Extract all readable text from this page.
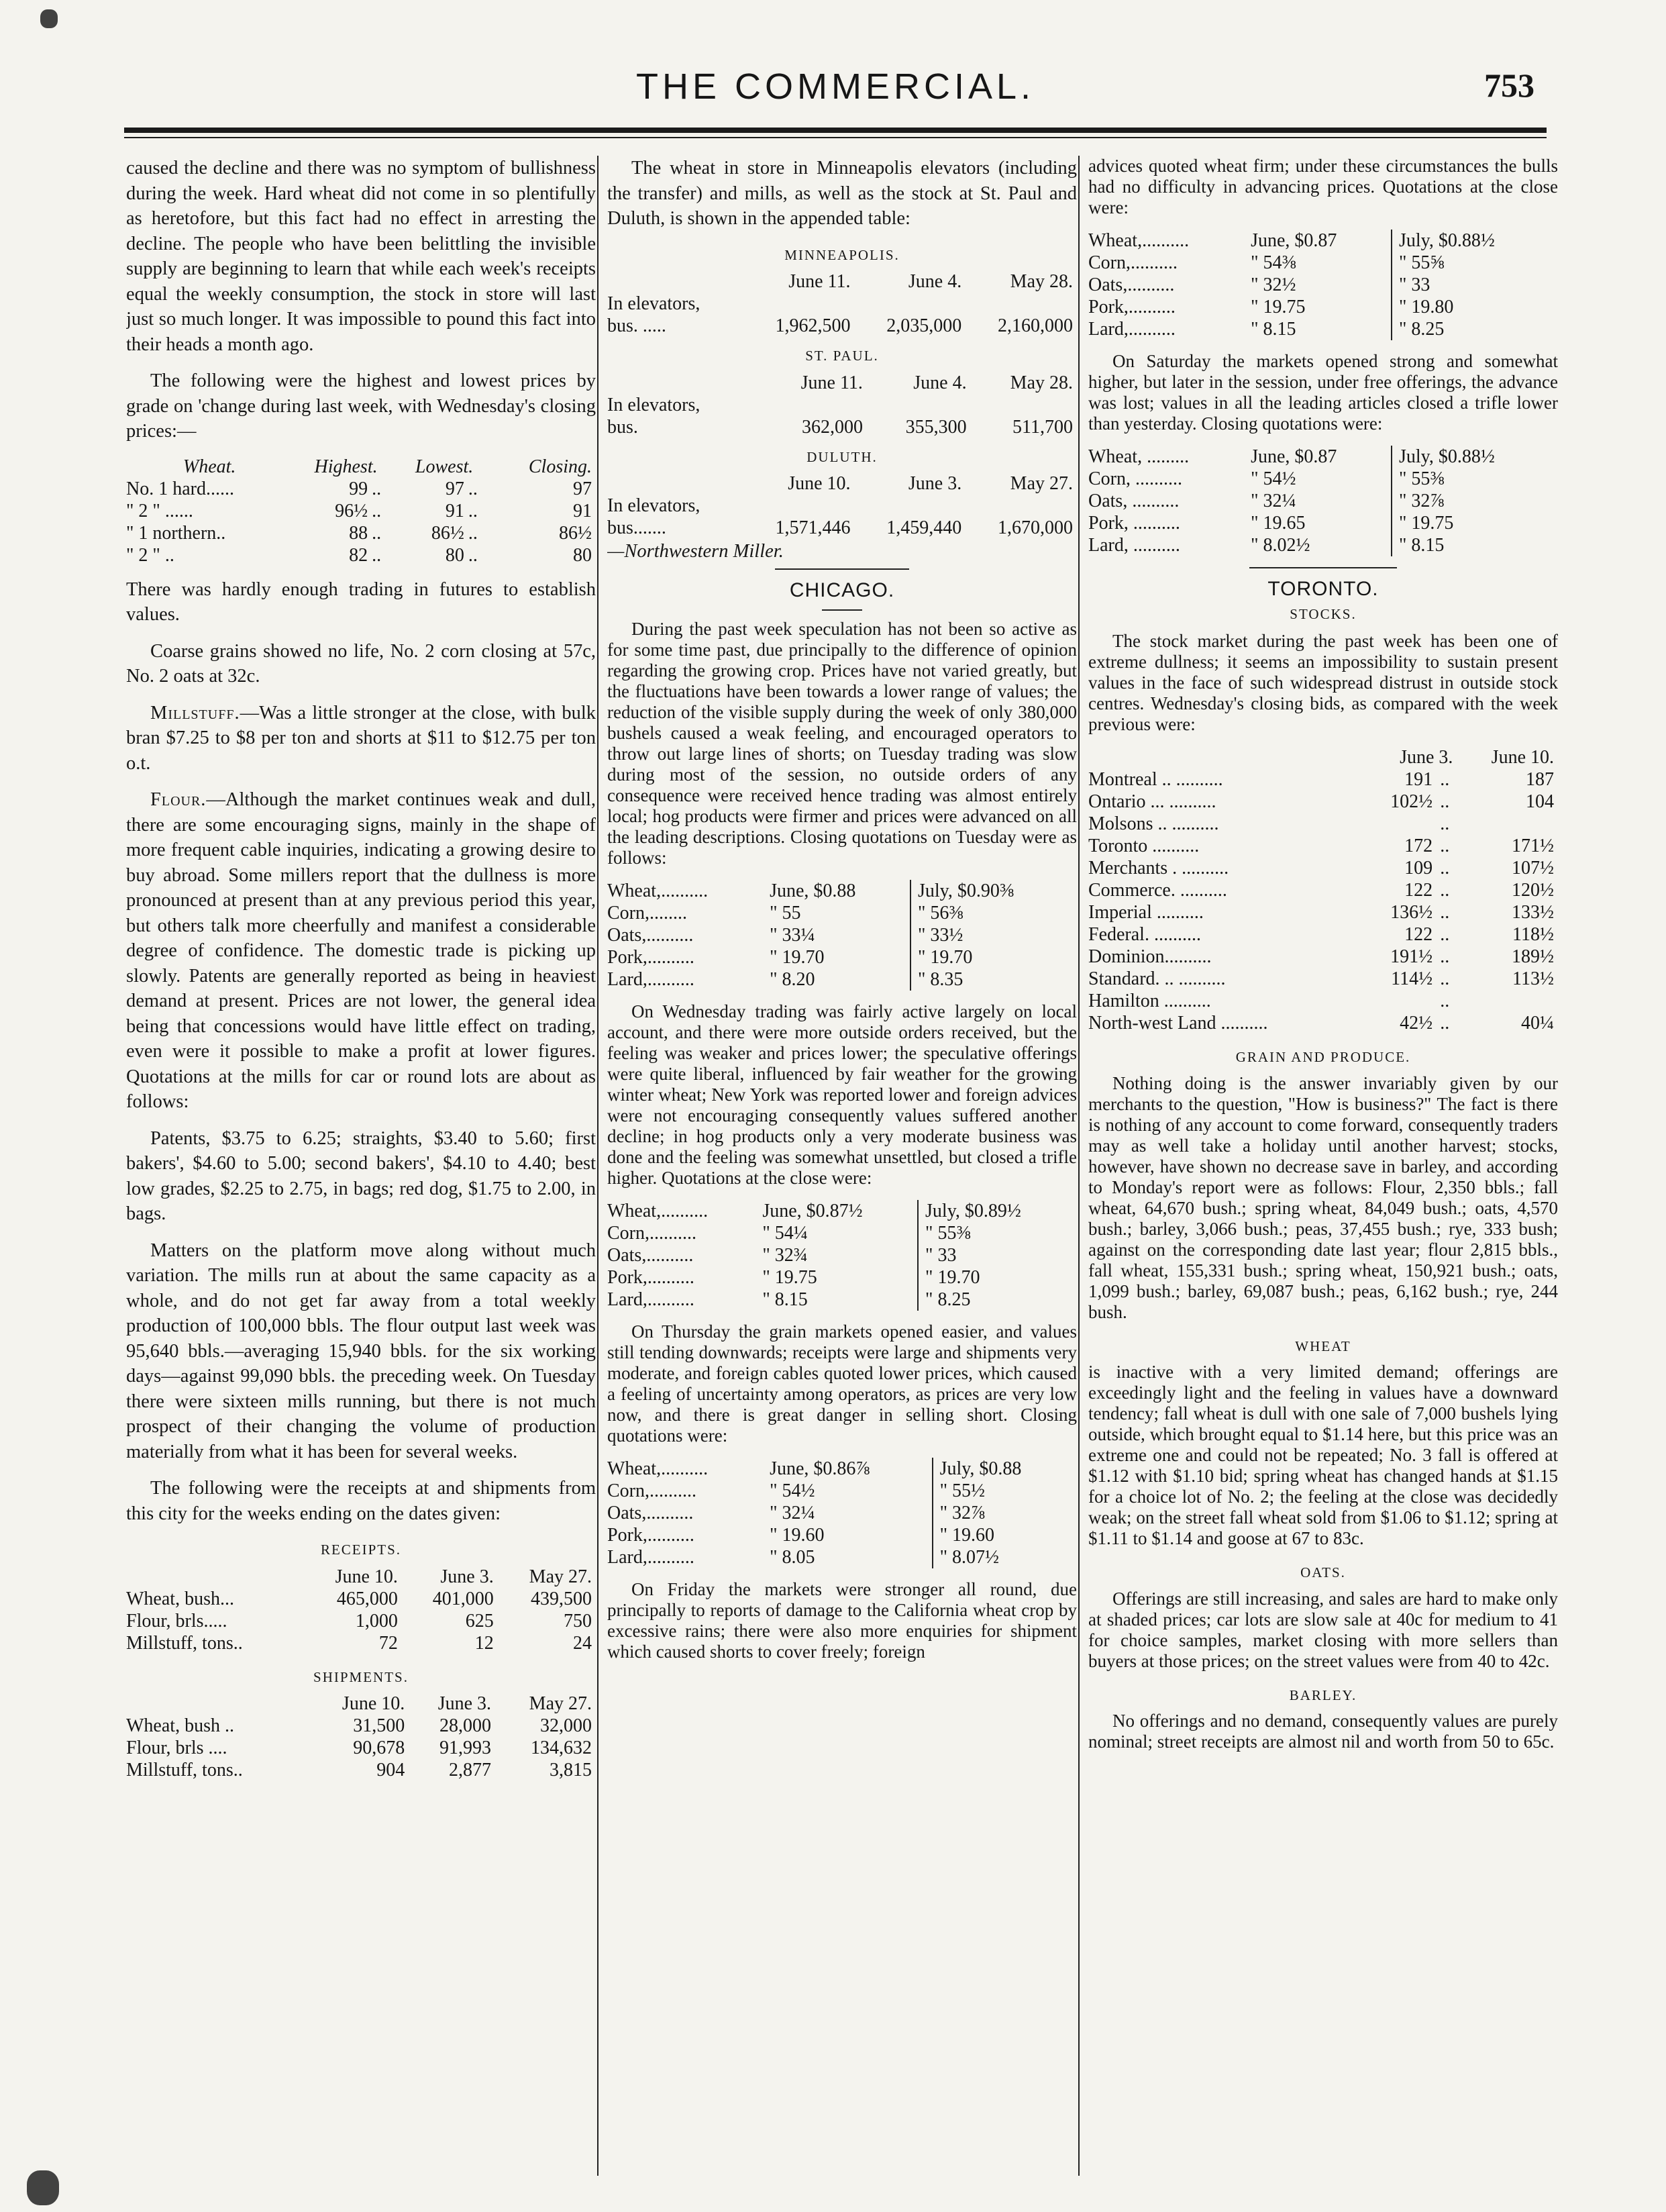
THE COMMERCIAL.	753

caused the decline and there was no symptom of bullishness during the week. Hard wheat did not come in so plentifully as heretofore, but this fact had no effect in arresting the decline. The people who have been belittling the invisible supply are beginning to learn that while each week's receipts equal the weekly consumption, the stock in store will last just so much longer. It was impossible to pound this fact into their heads a month ago.

The following were the highest and lowest prices by grade on 'change during last week, with Wednesday's closing prices:—

Wheat.	Highest.		Lowest.		Closing.
No. 1 hard......	99	..	97	..	97
" 2 " ......	96½	..	91	..	91
" 1 northern..	88	..	86½	..	86½
" 2 " ..	82	..	80	..	80

There was hardly enough trading in futures to establish values.

Coarse grains showed no life, No. 2 corn closing at 57c, No. 2 oats at 32c.

Millstuff.—Was a little stronger at the close, with bulk bran $7.25 to $8 per ton and shorts at $11 to $12.75 per ton o.t.

Flour.—Although the market continues weak and dull, there are some encouraging signs, mainly in the shape of more frequent cable inquiries, indicating a growing desire to buy abroad. Some millers report that the dullness is more pronounced at present than at any previous period this year, but others talk more cheerfully and manifest a considerable degree of confidence. The domestic trade is picking up slowly. Patents are generally reported as being in heaviest demand at present. Prices are not lower, the general idea being that concessions would have little effect on trading, even were it possible to make a profit at lower figures. Quotations at the mills for car or round lots are about as follows:

Patents, $3.75 to 6.25; straights, $3.40 to 5.60; first bakers', $4.60 to 5.00; second bakers', $4.10 to 4.40; best low grades, $2.25 to 2.75, in bags; red dog, $1.75 to 2.00, in bags.

Matters on the platform move along without much variation. The mills run at about the same capacity as a whole, and do not get far away from a total weekly production of 100,000 bbls. The flour output last week was 95,640 bbls.—averaging 15,940 bbls. for the six working days—against 99,090 bbls. the preceding week. On Tuesday there were sixteen mills running, but there is not much prospect of their changing the volume of production materially from what it has been for several weeks.

The following were the receipts at and shipments from this city for the weeks ending on the dates given:

RECEIPTS.
	June 10.	June 3.	May 27.
Wheat, bush...	465,000	401,000	439,500
Flour, brls.....	1,000	625	750
Millstuff, tons..	72	12	24
SHIPMENTS.
	June 10.	June 3.	May 27.
Wheat, bush ..	31,500	28,000	32,000
Flour, brls ....	90,678	91,993	134,632
Millstuff, tons..	904	2,877	3,815

The wheat in store in Minneapolis elevators (including the transfer) and mills, as well as the stock at St. Paul and Duluth, is shown in the appended table:

MINNEAPOLIS.
	June 11.	June 4.	May 28.
In elevators,			
bus. .....	1,962,500	2,035,000	2,160,000
ST. PAUL.
	June 11.	June 4.	May 28.
In elevators,			
bus.	362,000	355,300	511,700
DULUTH.
	June 10.	June 3.	May 27.
In elevators,			
bus.......	1,571,446	1,459,440	1,670,000
—Northwestern Miller.
CHICAGO.

During the past week speculation has not been so active as for some time past, due principally to the difference of opinion regarding the growing crop. Prices have not varied greatly, but the fluctuations have been towards a lower range of values; the reduction of the visible supply during the week of only 380,000 bushels caused a weak feeling, and encouraged operators to throw out large lines of shorts; on Tuesday trading was slow during most of the session, no outside orders of any consequence were received hence trading was almost entirely local; hog products were firmer and prices were advanced on all the leading descriptions. Closing quotations on Tuesday were as follows:

Wheat,..........	June, $0.88	July, $0.90⅜
Corn,........	" 55	" 56⅜
Oats,..........	" 33¼	" 33½
Pork,..........	" 19.70	" 19.70
Lard,..........	" 8.20	" 8.35

On Wednesday trading was fairly active largely on local account, and there were more outside orders received, but the feeling was weaker and prices lower; the speculative offerings were quite liberal, influenced by fair weather for the growing winter wheat; New York was reported lower and foreign advices were not encouraging consequently values suffered another decline; in hog products only a very moderate business was done and the feeling was somewhat unsettled, but closed a trifle higher. Quotations at the close were:

Wheat,..........	June, $0.87½	July, $0.89½
Corn,..........	" 54¼	" 55⅜
Oats,..........	" 32¾	" 33
Pork,..........	" 19.75	" 19.70
Lard,..........	" 8.15	" 8.25

On Thursday the grain markets opened easier, and values still tending downwards; receipts were large and shipments very moderate, and foreign cables quoted lower prices, which caused a feeling of uncertainty among operators, as prices are very low now, and there is great danger in selling short. Closing quotations were:

Wheat,..........	June, $0.86⅞	July, $0.88
Corn,..........	" 54½	" 55½
Oats,..........	" 32¼	" 32⅞
Pork,..........	" 19.60	" 19.60
Lard,..........	" 8.05	" 8.07½

On Friday the markets were stronger all round, due principally to reports of damage to the California wheat crop by excessive rains; there were also more enquiries for shipment which caused shorts to cover freely; foreign

advices quoted wheat firm; under these circumstances the bulls had no difficulty in advancing prices. Quotations at the close were:

Wheat,..........	June, $0.87	July, $0.88½
Corn,..........	" 54⅜	" 55⅝
Oats,..........	" 32½	" 33
Pork,..........	" 19.75	" 19.80
Lard,..........	" 8.15	" 8.25

On Saturday the markets opened strong and somewhat higher, but later in the session, under free offerings, the advance was lost; values in all the leading articles closed a trifle lower than yesterday. Closing quotations were:

Wheat, .........	June, $0.87	July, $0.88½
Corn, ..........	" 54½	" 55⅜
Oats, ..........	" 32¼	" 32⅞
Pork, ..........	" 19.65	" 19.75
Lard, ..........	" 8.02½	" 8.15
TORONTO.
STOCKS.

The stock market during the past week has been one of extreme dullness; it seems an impossibility to sustain present values in the face of such widespread distrust in outside stock centres. Wednesday's closing bids, as compared with the week previous were:

	June 3.		June 10.
Montreal .. ..........	191	..	187
Ontario ... ..........	102½	..	104
Molsons .. ..........		..	
Toronto ..........	172	..	171½
Merchants . ..........	109	..	107½
Commerce. ..........	122	..	120½
Imperial ..........	136½	..	133½
Federal. ..........	122	..	118½
Dominion..........	191½	..	189½
Standard. .. ..........	114½	..	113½
Hamilton ..........		..	
North-west Land ..........	42½	..	40¼
GRAIN AND PRODUCE.

Nothing doing is the answer invariably given by our merchants to the question, "How is business?" The fact is there is nothing of any account to come forward, consequently traders may as well take a holiday until another harvest; stocks, however, have shown no decrease save in barley, and according to Monday's report were as follows: Flour, 2,350 bbls.; fall wheat, 64,670 bush.; spring wheat, 84,049 bush.; oats, 4,570 bush.; barley, 3,066 bush.; peas, 37,455 bush.; rye, 333 bush; against on the corresponding date last year; flour 2,815 bbls., fall wheat, 155,331 bush.; spring wheat, 150,921 bush.; oats, 1,099 bush.; barley, 69,087 bush.; peas, 6,162 bush.; rye, 244 bush.

WHEAT

is inactive with a very limited demand; offerings are exceedingly light and the feeling in values have a downward tendency; fall wheat is dull with one sale of 7,000 bushels lying outside, which brought equal to $1.14 here, but this price was an extreme one and could not be repeated; No. 3 fall is offered at $1.12 with $1.10 bid; spring wheat has changed hands at $1.15 for a choice lot of No. 2; the feeling at the close was decidedly weak; on the street fall wheat sold from $1.06 to $1.12; spring at $1.11 to $1.14 and goose at 67 to 83c.

OATS.

Offerings are still increasing, and sales are hard to make only at shaded prices; car lots are slow sale at 40c for medium to 41 for choice samples, market closing with more sellers than buyers at those prices; on the street values were from 40 to 42c.

BARLEY.

No offerings and no demand, consequently values are purely nominal; street receipts are almost nil and worth from 50 to 65c.
